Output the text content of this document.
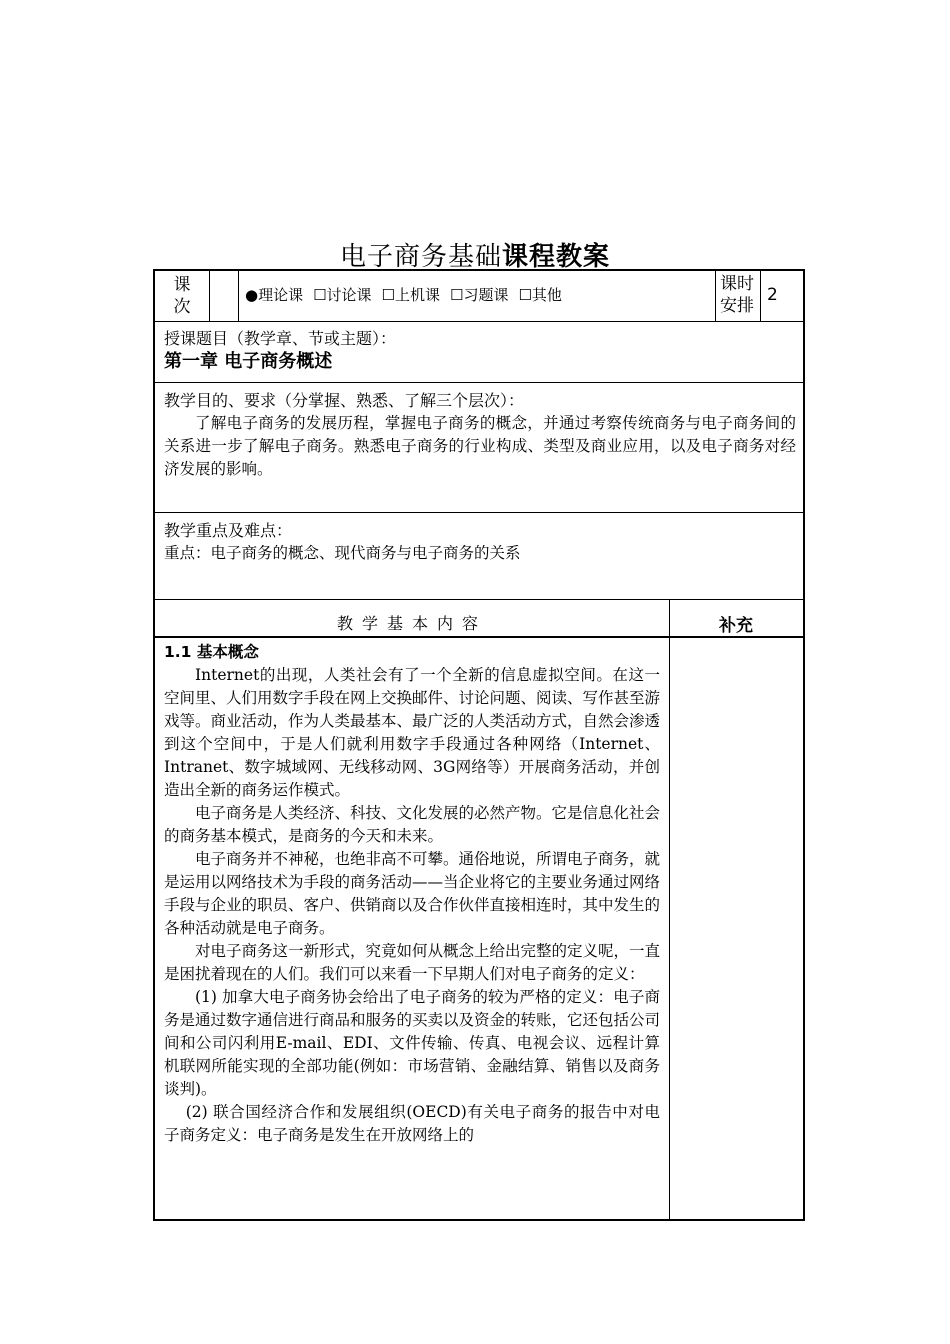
电子商务基础课程教案
课
次
●理论课 ☐讨论课 ☐上机课 ☐习题课 ☐其他
课时
安排
2
授课题目（教学章、节或主题）：
第一章 电子商务概述
教学目的、要求（分掌握、熟悉、了解三个层次）：
了解电子商务的发展历程，掌握电子商务的概念，并通过考察传统商务与电子商务间的关系进一步了解电子商务。熟悉电子商务的行业构成、类型及商业应用，以及电子商务对经济发展的影响。
教学重点及难点：
重点：电子商务的概念、现代商务与电子商务的关系
教学基本内容	补充
1.1 基本概念
Internet的出现，人类社会有了一个全新的信息虚拟空间。在这一空间里、人们用数字手段在网上交换邮件、讨论问题、阅读、写作甚至游戏等。商业活动，作为人类最基本、最广泛的人类活动方式，自然会渗透到这个空间中，于是人们就利用数字手段通过各种网络（Internet、Intranet、数字城域网、无线移动网、3G网络等）开展商务活动，并创造出全新的商务运作模式。
电子商务是人类经济、科技、文化发展的必然产物。它是信息化社会的商务基本模式，是商务的今天和未来。
电子商务并不神秘，也绝非高不可攀。通俗地说，所谓电子商务，就是运用以网络技术为手段的商务活动——当企业将它的主要业务通过网络手段与企业的职员、客户、供销商以及合作伙伴直接相连时，其中发生的各种活动就是电子商务。
对电子商务这一新形式，究竟如何从概念上给出完整的定义呢，一直是困扰着现在的人们。我们可以来看一下早期人们对电子商务的定义：
(1) 加拿大电子商务协会给出了电子商务的较为严格的定义：电子商务是通过数字通信进行商品和服务的买卖以及资金的转账，它还包括公司间和公司闪利用E-mail、EDI、文件传输、传真、电视会议、远程计算机联网所能实现的全部功能(例如：市场营销、金融结算、销售以及商务谈判)。
(2) 联合国经济合作和发展组织(OECD)有关电子商务的报告中对电子商务定义：电子商务是发生在开放网络上的
